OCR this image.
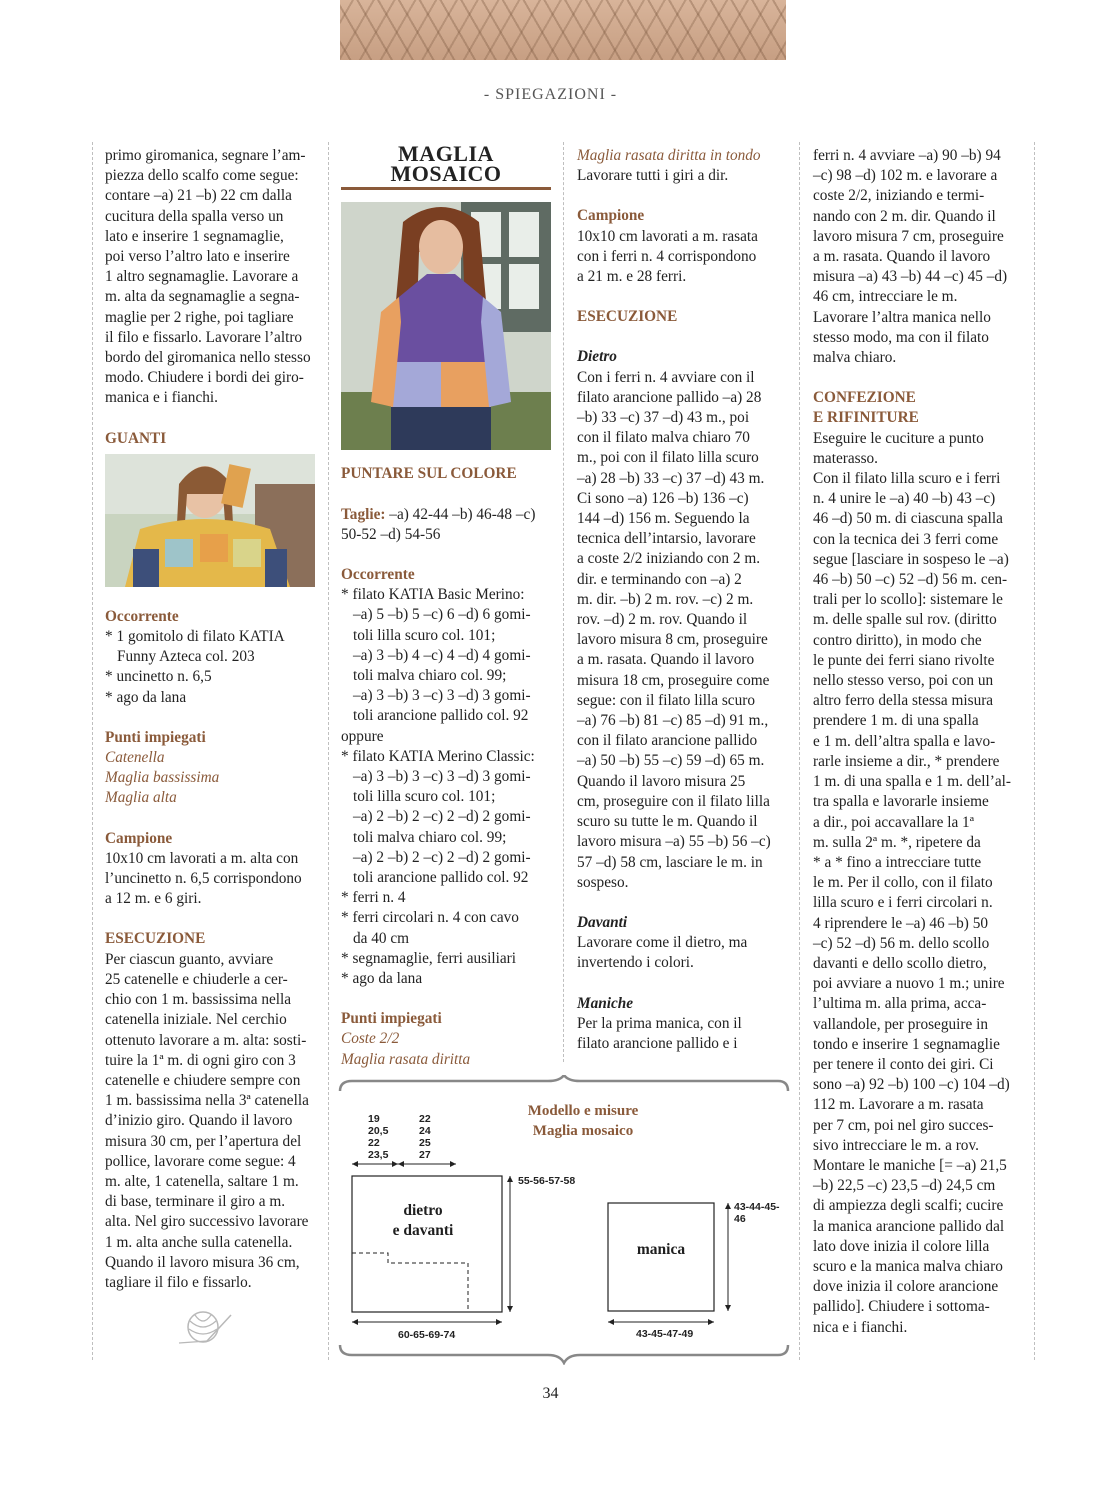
- SPIEGAZIONI -

primo giromanica, segnare l’am-

piezza dello scalfo come segue:

contare –a) 21 –b) 22 cm dalla

cucitura della spalla verso un

lato e inserire 1 segnamaglie,

poi verso l’altro lato e inserire

1 altro segnamaglie. Lavorare a

m. alta da segnamaglie a segna-

maglie per 2 righe, poi tagliare

il filo e fissarlo. Lavorare l’altro

bordo del giromanica nello stesso

modo. Chiudere i bordi dei giro-

manica e i fianchi.

GUANTI

Occorrente

* 1 gomitolo di filato KATIA

Funny Azteca col. 203

* uncinetto n. 6,5

* ago da lana

Punti impiegati

Catenella

Maglia bassissima

Maglia alta

Campione

10x10 cm lavorati a m. alta con

l’uncinetto n. 6,5 corrispondono

a 12 m. e 6 giri.

ESECUZIONE

Per ciascun guanto, avviare

25 catenelle e chiuderle a cer-

chio con 1 m. bassissima nella

catenella iniziale. Nel cerchio

ottenuto lavorare a m. alta: sosti-

tuire la 1ª m. di ogni giro con 3

catenelle e chiudere sempre con

1 m. bassissima nella 3ª catenella

d’inizio giro. Quando il lavoro

misura 30 cm, per l’apertura del

pollice, lavorare come segue: 4

m. alte, 1 catenella, saltare 1 m.

di base, terminare il giro a m.

alta. Nel giro successivo lavorare

1 m. alta anche sulla catenella.

Quando il lavoro misura 36 cm,

tagliare il filo e fissarlo.

MAGLIA MOSAICO

PUNTARE SUL COLORE

Taglie: –a) 42-44 –b) 46-48 –c)

50-52 –d) 54-56

Occorrente

* filato KATIA Basic Merino:

–a) 5 –b) 5 –c) 6 –d) 6 gomi-

toli lilla scuro col. 101;

–a) 3 –b) 4 –c) 4 –d) 4 gomi-

toli malva chiaro col. 99;

–a) 3 –b) 3 –c) 3 –d) 3 gomi-

toli arancione pallido col. 92

oppure

* filato KATIA Merino Classic:

–a) 3 –b) 3 –c) 3 –d) 3 gomi-

toli lilla scuro col. 101;

–a) 2 –b) 2 –c) 2 –d) 2 gomi-

toli malva chiaro col. 99;

–a) 2 –b) 2 –c) 2 –d) 2 gomi-

toli arancione pallido col. 92

* ferri n. 4

* ferri circolari n. 4 con cavo

da 40 cm

* segnamaglie, ferri ausiliari

* ago da lana

Punti impiegati

Coste 2/2

Maglia rasata diritta

Maglia rasata diritta in tondo

Lavorare tutti i giri a dir.

Campione

10x10 cm lavorati a m. rasata

con i ferri n. 4 corrispondono

a 21 m. e 28 ferri.

ESECUZIONE

Dietro

Con i ferri n. 4 avviare con il

filato arancione pallido –a) 28

–b) 33 –c) 37 –d) 43 m., poi

con il filato malva chiaro 70

m., poi con il filato lilla scuro

–a) 28 –b) 33 –c) 37 –d) 43 m.

Ci sono –a) 126 –b) 136 –c)

144 –d) 156 m. Seguendo la

tecnica dell’intarsio, lavorare

a coste 2/2 iniziando con 2 m.

dir. e terminando con –a) 2

m. dir. –b) 2 m. rov. –c) 2 m.

rov. –d) 2 m. rov. Quando il

lavoro misura 8 cm, proseguire

a m. rasata. Quando il lavoro

misura 18 cm, proseguire come

segue: con il filato lilla scuro

–a) 76 –b) 81 –c) 85 –d) 91 m.,

con il filato arancione pallido

–a) 50 –b) 55 –c) 59 –d) 65 m.

Quando il lavoro misura 25

cm, proseguire con il filato lilla

scuro su tutte le m. Quando il

lavoro misura –a) 55 –b) 56 –c)

57 –d) 58 cm, lasciare le m. in

sospeso.

Davanti

Lavorare come il dietro, ma

invertendo i colori.

Maniche

Per la prima manica, con il

filato arancione pallido e i

ferri n. 4 avviare –a) 90 –b) 94

–c) 98 –d) 102 m. e lavorare a

coste 2/2, iniziando e termi-

nando con 2 m. dir. Quando il

lavoro misura 7 cm, proseguire

a m. rasata. Quando il lavoro

misura –a) 43 –b) 44 –c) 45 –d)

46 cm, intrecciare le m.

Lavorare l’altra manica nello

stesso modo, ma con il filato

malva chiaro.

CONFEZIONE

E RIFINITURE

Eseguire le cuciture a punto

materasso.

Con il filato lilla scuro e i ferri

n. 4 unire le –a) 40 –b) 43 –c)

46 –d) 50 m. di ciascuna spalla

con la tecnica dei 3 ferri come

segue [lasciare in sospeso le –a)

46 –b) 50 –c) 52 –d) 56 m. cen-

trali per lo scollo]: sistemare le

m. delle spalle sul rov. (diritto

contro diritto), in modo che

le punte dei ferri siano rivolte

nello stesso verso, poi con un

altro ferro della stessa misura

prendere 1 m. di una spalla

e 1 m. dell’altra spalla e lavo-

rarle insieme a dir., * prendere

1 m. di una spalla e 1 m. dell’al-

tra spalla e lavorarle insieme

a dir., poi accavallare la 1ª

m. sulla 2ª m. *, ripetere da

* a * fino a intrecciare tutte

le m. Per il collo, con il filato

lilla scuro e i ferri circolari n.

4 riprendere le –a) 46 –b) 50

–c) 52 –d) 56 m. dello scollo

davanti e dello scollo dietro,

poi avviare a nuovo 1 m.; unire

l’ultima m. alla prima, acca-

vallandole, per proseguire in

tondo e inserire 1 segnamaglie

per tenere il conto dei giri. Ci

sono –a) 92 –b) 100 –c) 104 –d)

112 m. Lavorare a m. rasata

per 7 cm, poi nel giro succes-

sivo intrecciare le m. a rov.

Montare le maniche [= –a) 21,5

–b) 22,5 –c) 23,5 –d) 24,5 cm

di ampiezza degli scalfi; cucire

la manica arancione pallido dal

lato dove inizia il colore lilla

scuro e la manica malva chiaro

dove inizia il colore arancione

pallido]. Chiudere i sottoma-

nica e i fianchi.

Modello e misure
Maglia mosaico
19
20,5
22
23,5
22
24
25
27
55-56-57-58
dietro
e davanti
60-65-69-74
43-44-45-46
manica
43-45-47-49
34
